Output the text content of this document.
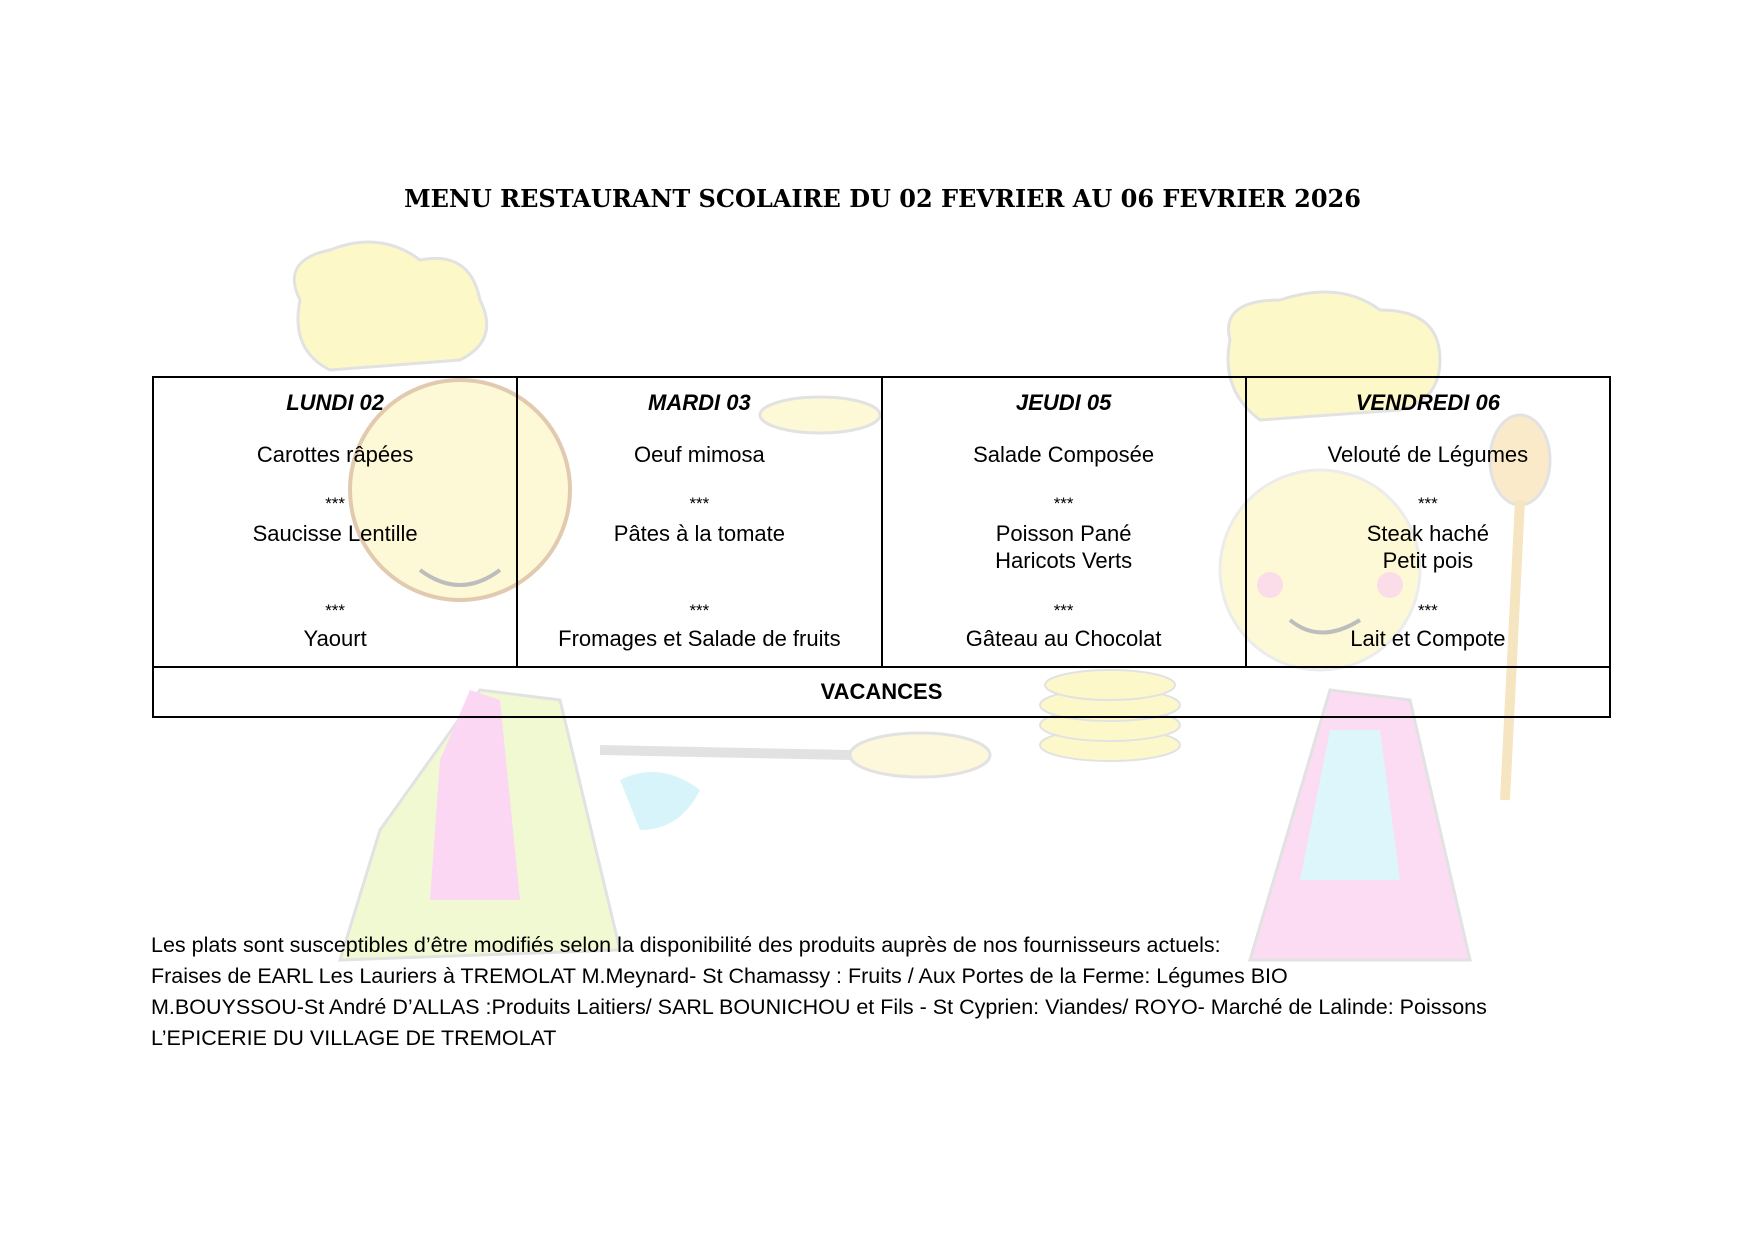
MENU RESTAURANT SCOLAIRE DU 02 FEVRIER AU 06 FEVRIER 2026
LUNDI 02
Carottes râpées
***
Saucisse Lentille
***
Yaourt

MARDI 03
Oeuf mimosa
***
Pâtes à la tomate
***
Fromages et Salade de fruits

JEUDI 05
Salade Composée
***
Poisson Pané
Haricots Verts
***
Gâteau au Chocolat

VENDREDI 06
Velouté de Légumes
***
Steak haché
Petit pois
***
Lait et Compote

VACANCES
Les plats sont susceptibles d’être modifiés selon la disponibilité des produits auprès de nos fournisseurs actuels:
Fraises de EARL Les Lauriers à TREMOLAT M.Meynard- St Chamassy : Fruits / Aux Portes de la Ferme: Légumes BIO
M.BOUYSSOU-St André D’ALLAS :Produits Laitiers/ SARL BOUNICHOU et Fils - St Cyprien: Viandes/ ROYO- Marché de Lalinde: Poissons
L’EPICERIE DU VILLAGE DE TREMOLAT
